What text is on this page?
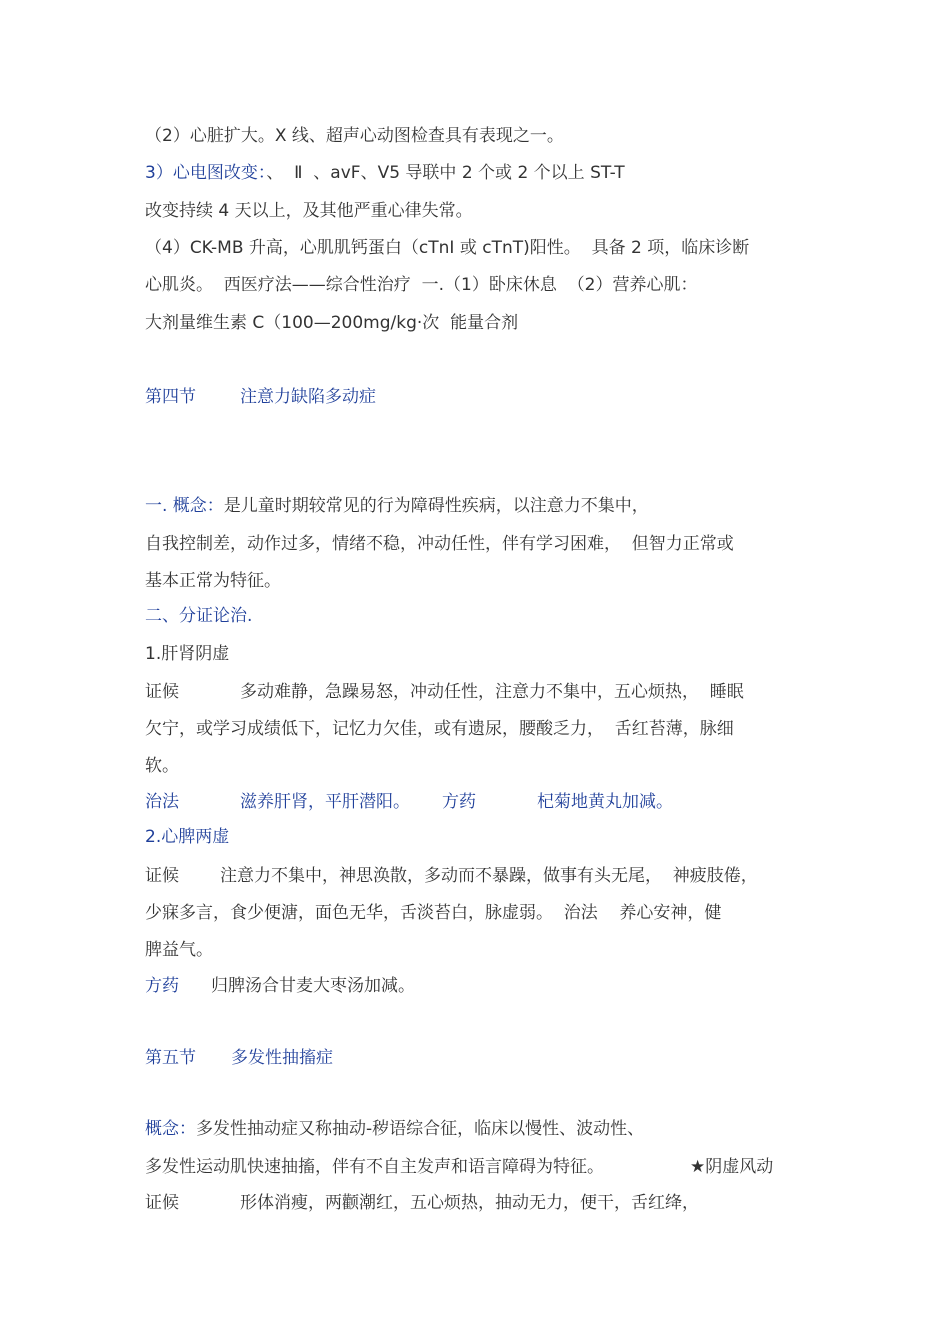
（2）心脏扩大。X 线、超声心动图检查具有表现之一。
3）心电图改变：、  Ⅱ  、avF、V5 导联中 2 个或 2 个以上 ST-T
改变持续 4 天以上，及其他严重心律失常。
（4）CK-MB 升高，心肌肌钙蛋白（cTnI 或 cTnT)阳性。  具备 2 项，临床诊断
心肌炎。  西医疗法——综合性治疗  一.（1）卧床休息  （2）营养心肌：
大剂量维生素 C（100—200mg/kg·次  能量合剂
第四节	注意力缺陷多动症
一. 概念：是儿童时期较常见的行为障碍性疾病，以注意力不集中，
自我控制差，动作过多，情绪不稳，冲动任性，伴有学习困难，  但智力正常或
基本正常为特征。
二、分证论治.
1.肝肾阴虚
证候	多动难静，急躁易怒，冲动任性，注意力不集中，五心烦热，  睡眠
欠宁，或学习成绩低下，记忆力欠佳，或有遗尿，腰酸乏力，  舌红苔薄，脉细
软。
治法	滋养肝肾，平肝潜阳。 方药	杞菊地黄丸加减。
2.心脾两虚
证候 注意力不集中，神思涣散，多动而不暴躁，做事有头无尾，  神疲肢倦，
少寐多言，食少便溏，面色无华，舌淡苔白，脉虚弱。  治法    养心安神，健
脾益气。
方药 归脾汤合甘麦大枣汤加减。
第五节 多发性抽搐症
概念：多发性抽动症又称抽动-秽语综合征，临床以慢性、波动性、
多发性运动肌快速抽搐，伴有不自主发声和语言障碍为特征。	★阴虚风动
证候	形体消瘦，两颧潮红，五心烦热，抽动无力，便干，舌红绛，
